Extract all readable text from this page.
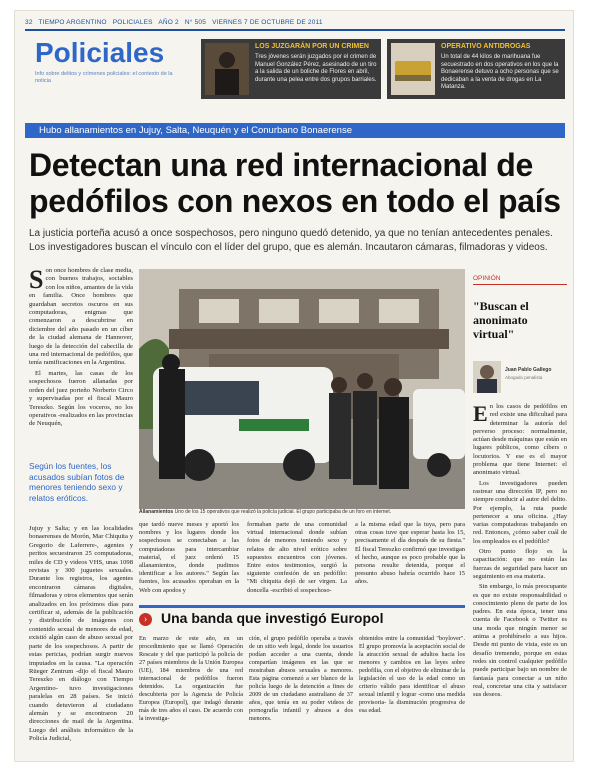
32 TIEMPO ARGENTINO POLICIALES AÑO 2 N° 505 VIERNES 7 DE OCTUBRE DE 2011
Policiales
Info sobre delitos y crímenes policiales: el contexto de la noticia
LOS JUZGARÁN POR UN CRIMEN
Tres jóvenes serán juzgados por el crimen de Manuel González Pérez, asesinado de un tiro a la salida de un boliche de Flores en abril, durante una pelea entre dos grupos barriales.
OPERATIVO ANTIDROGAS
Un total de 44 kilos de marihuana fue secuestrado en dos operativos en los que la Bonaerense detuvo a ocho personas que se dedicaban a la venta de drogas en La Matanza.
Hubo allanamientos en Jujuy, Salta, Neuquén y el Conurbano Bonaerense
Detectan una red internacional de pedófilos con nexos en todo el país
La justicia porteña acusó a once sospechosos, pero ninguno quedó detenido, ya que no tenían antecedentes penales. Los investigadores buscan el vínculo con el líder del grupo, que es alemán. Incautaron cámaras, filmadoras y videos.
S on once hombres de clase media, con buenos trabajos, sociables con los niños, amantes de la vida en familia. Once hombres que guardaban secretos oscuros en sus computadoras, enigmas que comenzaron a descubrirse en diciembre del año pasado en un cíber de la ciudad alemana de Hannover, luego de la detección del cabecilla de una red internacional de pedófilos, que tenía ramificaciones en la Argentina.

El martes, las casas de los sospechosos fueron allanadas por orden del juez porteño Norberto Circo y supervisadas por el fiscal Mauro Tereszko. Según los voceros, no los operativos -realizados en las provincias de Neuquén,

Según los fuentes, los acusados subían fotos de menores teniendo sexo y relatos eróticos.
Jujuy y Salta; y en las localidades bonaerenses de Morón, Mar Chiquita y Gregorio de Laferrere-, agentes y peritos secuestraron 25 computadoras, miles de CD y videos VHS, unas 1098 revistas y 300 juguetes sexuales. Durante los registros, los agentes encontraron cámaras digitales, filmadoras y otros elementos que serán analizados en los próximos días para certificar si, además de la publicación y distribución de imágenes con contenido sexual de menores de edad, existió algún caso de abuso sexual por parte de los sospechosos. A partir de estas pericias, podrían surgir nuevos imputados en la causa. "La operación Rüeger Zentrum -dijo el fiscal Mauro Tereszko en diálogo con Tiempo Argentino- tuvo investigaciones paralelas en 28 países. Se inició cuando detuvieron al ciudadano alemán y se encontraron 20 direcciones de mail de la Argentina. Luego del análisis informático de la Policía Judicial,
Allanamientos Uno de los 15 operativos que realizó la policía judicial. El grupo participaba de un foro en internet.
que tardó nueve meses y aportó los nombres y los lugares donde los sospechosos se conectaban a las computadoras para intercambiar material, el juez ordenó 15 allanamientos, donde pudimos identificar a los autores." Según las fuentes, los acusados operaban en la Web con apodos y
formaban parte de una comunidad virtual internacional donde subían fotos de menores teniendo sexo y relatos de alto nivel erótico sobre supuestos encuentros con jóvenes. Entre estos testimonios, surgió la siguiente confesión de un pedófilo: "Mi chiquita dejó de ser virgen. La doncella -escribió el sospechoso-
a la misma edad que la tuya, pero para otras cosas tuve que esperar hasta los 15, precisamente el día después de su fiesta." El fiscal Tereszko confirmó que investigan el hecho, aunque es poco probable que la persona resulte detenida, porque el presunto abuso habría ocurrido hace 15 años.
› Una banda que investigó Europol
En marzo de este año, en un procedimiento que se llamó Operación Rescate y del que participó la policía de 27 países miembros de la Unión Europea (UE), 184 miembros de una red internacional de pedófilos fueron detenidos. La organización fue descubierta por la Agencia de Policía Europea (Europol), que indagó durante más de tres años el caso. De acuerdo con la investiga-
ción, el grupo pedófilo operaba a través de un sitio web legal, donde los usuarios podían acceder a una cuenta, donde compartían imágenes en las que se mostraban abusos sexuales a menores. Esta página comenzó a ser blanco de la policía luego de la detención a fines de 2009 de un ciudadano australiano de 37 años, que tenía en su poder videos de pornografía infantil y abusos a dos menores.
obtenidos entre la comunidad "boylover". El grupo promovía la aceptación social de la atracción sexual de adultos hacia los menores y cambios en las leyes sobre pedofilia, con el objetivo de eliminar de la legislación el uso de la edad como un criterio válido para identificar el abuso sexual infantil y lograr -como una medida provisoria- la disminución progresiva de esa edad.
OPINIÓN
"Buscan el anonimato virtual"
Juan Pablo Gallego
Abogado penalista
E n los casos de pedófilos en red existe una dificultad para determinar la autoría del perverso proceso: normalmente, actúan desde máquinas que están en lugares públicos, como cíbers o locutorios. Y ese es el mayor problema que tiene Internet: el anonimato virtual.

Los investigadores pueden rastrear una dirección IP, pero no siempre conducir al autor del delito. Por ejemplo, la ruta puede pertenecer a una oficina. ¿Hay varias computadoras trabajando en red. Entonces, ¿cómo saber cuál de los empleados es el pedófilo?

Otro punto flojo es la capacitación: que no están las fuerzas de seguridad para hacer un seguimiento en esa materia.

Sin embargo, lo más preocupante es que no existe responsabilidad o conocimiento pleno de parte de los padres. En esta época, tener una cuenta de Facebook o Twitter es una moda que ningún menor se anima a prohibírselo a sus hijos. Desde mi punto de vista, este es un desafío tremendo, porque en estas redes sin control cualquier pedófilo puede participar bajo un nombre de fantasía para conectar a un niño real, concretar una cita y satisfacer sus deseos.
